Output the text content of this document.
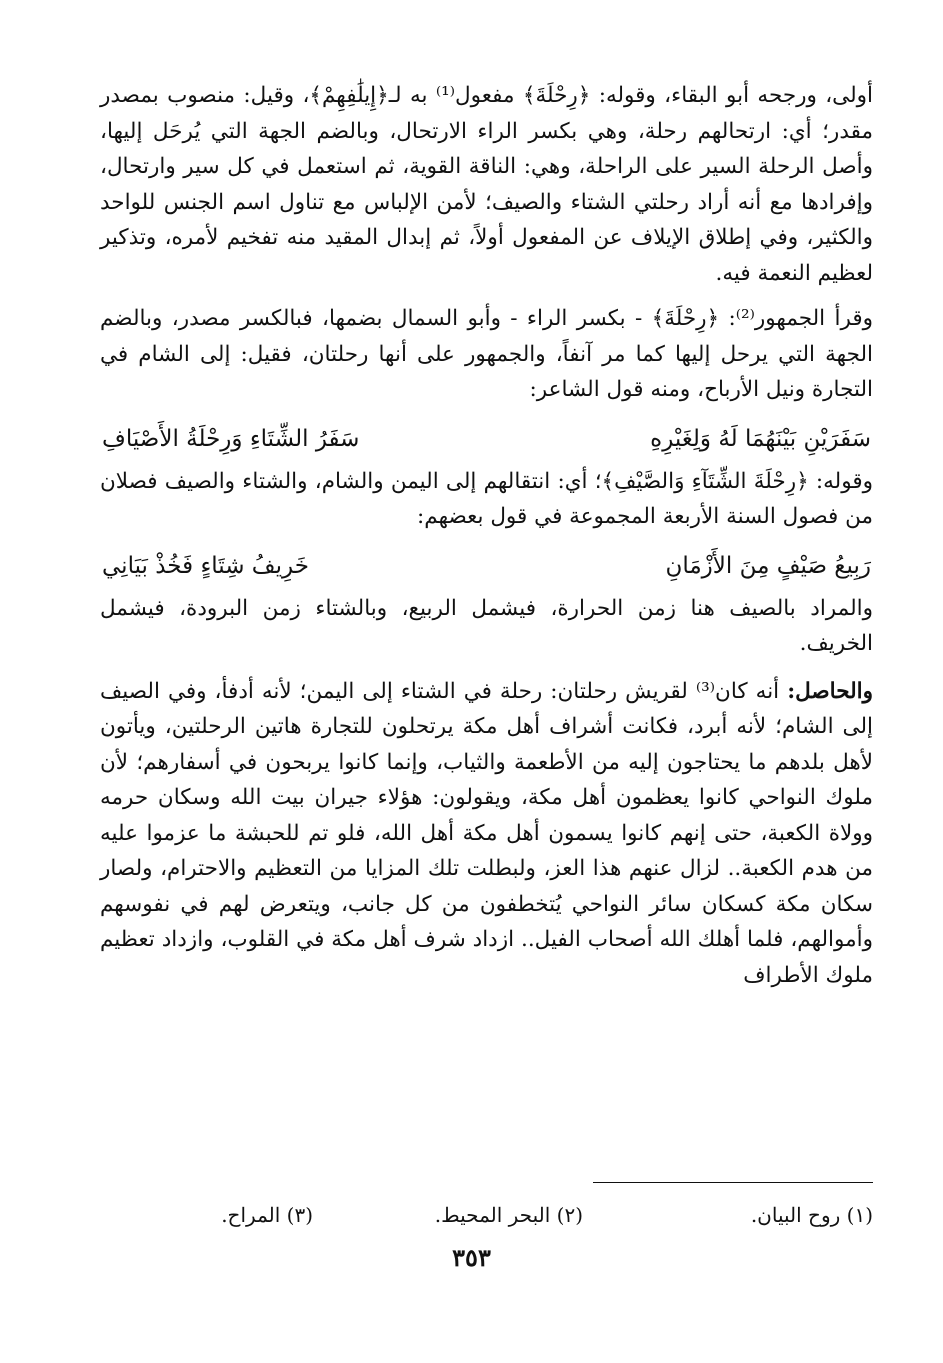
أولى، ورجحه أبو البقاء، وقوله: ﴿رِحْلَةَ﴾ مفعول⁽¹⁾ به لـ﴿إِيلَٰفِهِمْ﴾، وقيل: منصوب بمصدر مقدر؛ أي: ارتحالهم رحلة، وهي بكسر الراء الارتحال، وبالضم الجهة التي يُرحَل إليها، وأصل الرحلة السير على الراحلة، وهي: الناقة القوية، ثم استعمل في كل سير وارتحال، وإفرادها مع أنه أراد رحلتي الشتاء والصيف؛ لأمن الإلباس مع تناول اسم الجنس للواحد والكثير، وفي إطلاق الإيلاف عن المفعول أولاً، ثم إبدال المقيد منه تفخيم لأمره، وتذكير لعظيم النعمة فيه.

وقرأ الجمهور⁽²⁾: ﴿رِحْلَةَ﴾ - بكسر الراء - وأبو السمال بضمها، فبالكسر مصدر، وبالضم الجهة التي يرحل إليها كما مر آنفاً، والجمهور على أنها رحلتان، فقيل: إلى الشام في التجارة ونيل الأرباح، ومنه قول الشاعر:

سَفَرَيْنِ بَيْنَهُمَا لَهُ وَلِغَيْرِهِ
سَفَرُ الشِّتَاءِ وَرِحْلَةُ الأَصْيَافِ

وقوله: ﴿رِحْلَةَ الشِّتَآءِ وَالصَّيْفِ﴾؛ أي: انتقالهم إلى اليمن والشام، والشتاء والصيف فصلان من فصول السنة الأربعة المجموعة في قول بعضهم:

رَبِيعُ صَيْفٍ مِنَ الأَزْمَانِ
خَرِيفُ شِتَاءٍ فَخُذْ بَيَانِي

والمراد بالصيف هنا زمن الحرارة، فيشمل الربيع، وبالشتاء زمن البرودة، فيشمل الخريف.

والحاصل: أنه كان⁽³⁾ لقريش رحلتان: رحلة في الشتاء إلى اليمن؛ لأنه أدفأ، وفي الصيف إلى الشام؛ لأنه أبرد، فكانت أشراف أهل مكة يرتحلون للتجارة هاتين الرحلتين، ويأتون لأهل بلدهم ما يحتاجون إليه من الأطعمة والثياب، وإنما كانوا يربحون في أسفارهم؛ لأن ملوك النواحي كانوا يعظمون أهل مكة، ويقولون: هؤلاء جيران بيت الله وسكان حرمه وولاة الكعبة، حتى إنهم كانوا يسمون أهل مكة أهل الله، فلو تم للحبشة ما عزموا عليه من هدم الكعبة.. لزال عنهم هذا العز، ولبطلت تلك المزايا من التعظيم والاحترام، ولصار سكان مكة كسكان سائر النواحي يُتخطفون من كل جانب، ويتعرض لهم في نفوسهم وأموالهم، فلما أهلك الله أصحاب الفيل.. ازداد شرف أهل مكة في القلوب، وازداد تعظيم ملوك الأطراف

(١) روح البيان.
(٢) البحر المحيط.
(٣) المراح.
٣٥٣
